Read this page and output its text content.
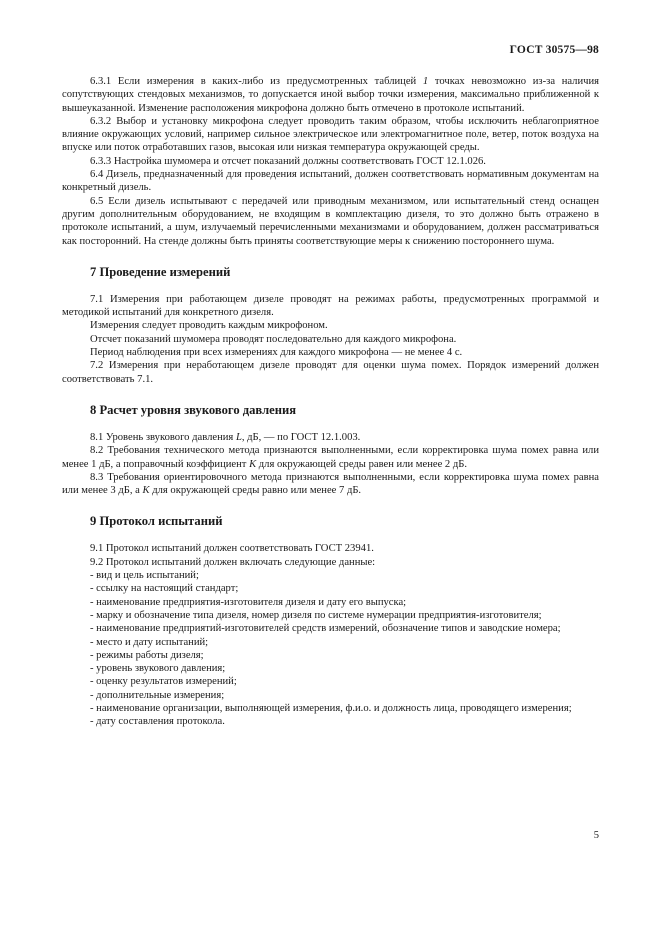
ГОСТ 30575—98

6.3.1 Если измерения в каких-либо из предусмотренных таблицей 1 точках невозможно из-за наличия сопутствующих стендовых механизмов, то допускается иной выбор точки измерения, максимально приближенной к вышеуказанной. Изменение расположения микрофона должно быть отмечено в протоколе испытаний.

6.3.2 Выбор и установку микрофона следует проводить таким образом, чтобы исключить неблагоприятное влияние окружающих условий, например сильное электрическое или электромагнитное поле, ветер, поток воздуха на впуске или поток отработавших газов, высокая или низкая температура окружающей среды.

6.3.3 Настройка шумомера и отсчет показаний должны соответствовать ГОСТ 12.1.026.

6.4 Дизель, предназначенный для проведения испытаний, должен соответствовать нормативным документам на конкретный дизель.

6.5 Если дизель испытывают с передачей или приводным механизмом, или испытательный стенд оснащен другим дополнительным оборудованием, не входящим в комплектацию дизеля, то это должно быть отражено в протоколе испытаний, а шум, излучаемый перечисленными механизмами и оборудованием, должен рассматриваться как посторонний. На стенде должны быть приняты соответствующие меры к снижению постороннего шума.

7 Проведение измерений

7.1 Измерения при работающем дизеле проводят на режимах работы, предусмотренных программой и методикой испытаний для конкретного дизеля.

Измерения следует проводить каждым микрофоном.

Отсчет показаний шумомера проводят последовательно для каждого микрофона.

Период наблюдения при всех измерениях для каждого микрофона — не менее 4 с.

7.2 Измерения при неработающем дизеле проводят для оценки шума помех. Порядок измерений должен соответствовать 7.1.

8 Расчет уровня звукового давления

8.1 Уровень звукового давления L, дБ, — по ГОСТ 12.1.003.

8.2 Требования технического метода признаются выполненными, если корректировка шума помех равна или менее 1 дБ, а поправочный коэффициент K для окружающей среды равен или менее 2 дБ.

8.3 Требования ориентировочного метода признаются выполненными, если корректировка шума помех равна или менее 3 дБ, а K для окружающей среды равно или менее 7 дБ.

9 Протокол испытаний

9.1 Протокол испытаний должен соответствовать ГОСТ 23941.

9.2 Протокол испытаний должен включать следующие данные:

- вид и цель испытаний;

- ссылку на настоящий стандарт;

- наименование предприятия-изготовителя дизеля и дату его выпуска;

- марку и обозначение типа дизеля, номер дизеля по системе нумерации предприятия-изготовителя;

- наименование предприятий-изготовителей средств измерений, обозначение типов и заводские номера;

- место и дату испытаний;

- режимы работы дизеля;

- уровень звукового давления;

- оценку результатов измерений;

- дополнительные измерения;

- наименование организации, выполняющей измерения, ф.и.о. и должность лица, проводящего измерения;

- дату составления протокола.

5
